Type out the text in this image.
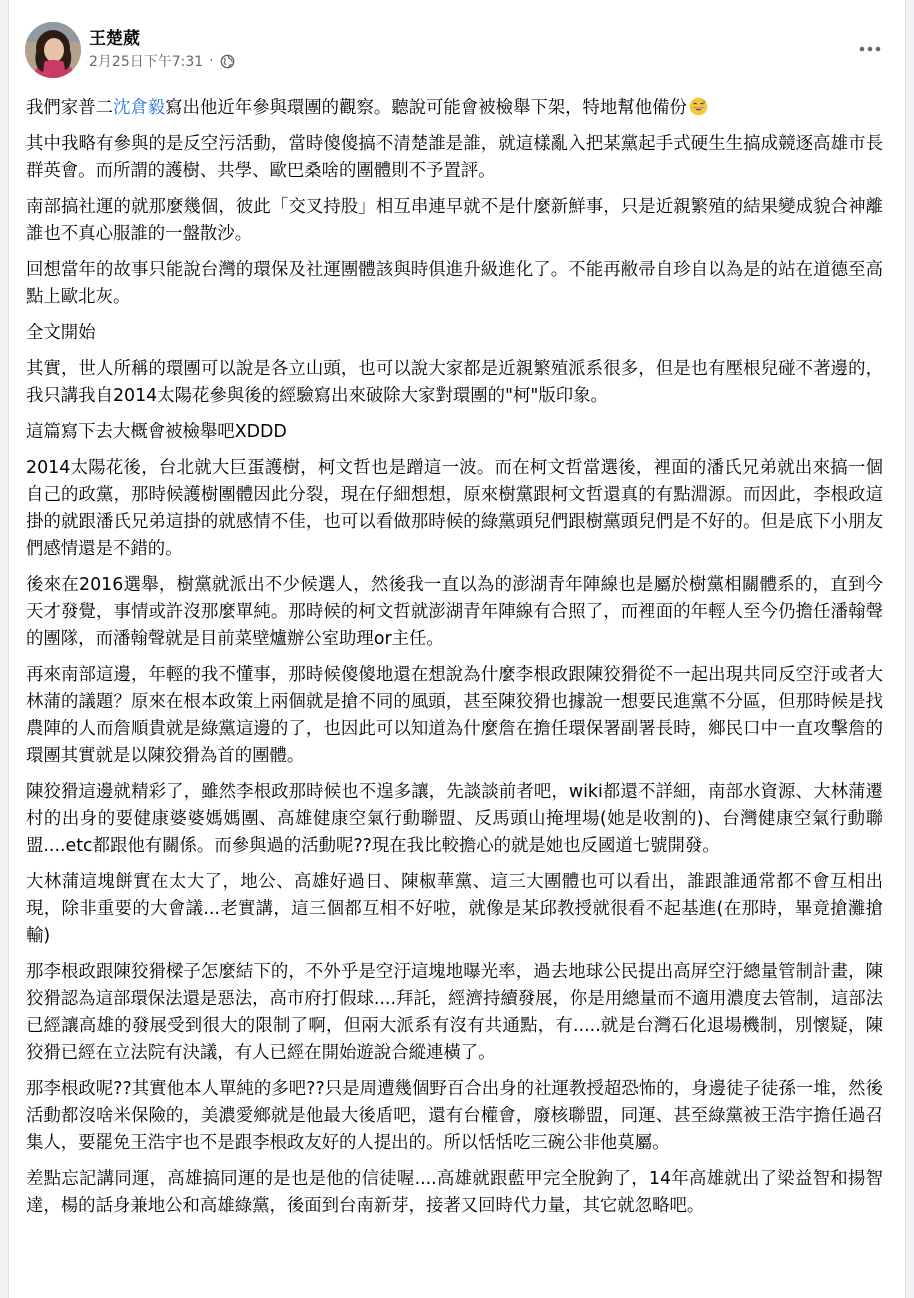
王楚葳
2月25日下午7:31 ·

我們家普二沈倉毅寫出他近年參與環團的觀察。聽說可能會被檢舉下架，特地幫他備份

其中我略有參與的是反空污活動，當時傻傻搞不清楚誰是誰，就這樣亂入把某黨起手式硬生生搞成競逐高雄市長群英會。而所謂的護樹、共學、歐巴桑啥的團體則不予置評。

南部搞社運的就那麼幾個，彼此「交叉持股」相互串連早就不是什麼新鮮事，只是近親繁殖的結果變成貌合神離誰也不真心服誰的一盤散沙。

回想當年的故事只能說台灣的環保及社運團體該與時俱進升級進化了。不能再敝帚自珍自以為是的站在道德至高點上歐北灰。

全文開始

其實，世人所稱的環團可以說是各立山頭，也可以說大家都是近親繁殖派系很多，但是也有壓根兒碰不著邊的，我只講我自2014太陽花參與後的經驗寫出來破除大家對環團的"柯"版印象。

這篇寫下去大概會被檢舉吧XDDD

2014太陽花後，台北就大巨蛋護樹，柯文哲也是蹭這一波。而在柯文哲當選後，裡面的潘氏兄弟就出來搞一個自己的政黨，那時候護樹團體因此分裂，現在仔細想想，原來樹黨跟柯文哲還真的有點淵源。而因此，李根政這掛的就跟潘氏兄弟這掛的就感情不佳，也可以看做那時候的綠黨頭兒們跟樹黨頭兒們是不好的。但是底下小朋友們感情還是不錯的。

後來在2016選舉，樹黨就派出不少候選人，然後我一直以為的澎湖青年陣線也是屬於樹黨相關體系的，直到今天才發覺，事情或許沒那麼單純。那時候的柯文哲就澎湖青年陣線有合照了，而裡面的年輕人至今仍擔任潘翰聲的團隊，而潘翰聲就是目前菜壁爐辦公室助理or主任。

再來南部這邊，年輕的我不懂事，那時候傻傻地還在想說為什麼李根政跟陳狡猾從不一起出現共同反空汙或者大林蒲的議題？原來在根本政策上兩個就是搶不同的風頭，甚至陳狡猾也據說一想要民進黨不分區，但那時候是找農陣的人而詹順貴就是綠黨這邊的了，也因此可以知道為什麼詹在擔任環保署副署長時，鄉民口中一直攻擊詹的環團其實就是以陳狡猾為首的團體。

陳狡猾這邊就精彩了，雖然李根政那時候也不遑多讓，先談談前者吧，wiki都還不詳細，南部水資源、大林蒲遷村的出身的要健康婆婆媽媽團、高雄健康空氣行動聯盟、反馬頭山掩埋場(她是收割的)、台灣健康空氣行動聯盟....etc都跟他有關係。而參與過的活動呢??現在我比較擔心的就是她也反國道七號開發。

大林蒲這塊餅實在太大了，地公、高雄好過日、陳椒華黨、這三大團體也可以看出，誰跟誰通常都不會互相出現，除非重要的大會議...老實講，這三個都互相不好啦，就像是某邱教授就很看不起基進(在那時，畢竟搶灘搶輸)

那李根政跟陳狡猾樑子怎麼結下的，不外乎是空汙這塊地曝光率，過去地球公民提出高屏空汙總量管制計畫，陳狡猾認為這部環保法還是惡法，高市府打假球....拜託，經濟持續發展，你是用總量而不適用濃度去管制，這部法已經讓高雄的發展受到很大的限制了啊，但兩大派系有沒有共通點，有.....就是台灣石化退場機制，別懷疑，陳狡猾已經在立法院有決議，有人已經在開始遊說合縱連橫了。

那李根政呢??其實他本人單純的多吧??只是周遭幾個野百合出身的社運教授超恐怖的，身邊徒子徒孫一堆，然後活動都沒啥米保險的，美濃愛鄉就是他最大後盾吧，還有台權會，廢核聯盟，同運、甚至綠黨被王浩宇擔任過召集人，要罷免王浩宇也不是跟李根政友好的人提出的。所以恬恬吃三碗公非他莫屬。

差點忘記講同運，高雄搞同運的是也是他的信徒喔....高雄就跟藍甲完全脫鉤了，14年高雄就出了梁益智和揚智達，楊的話身兼地公和高雄綠黨，後面到台南新芽，接著又回時代力量，其它就忽略吧。
